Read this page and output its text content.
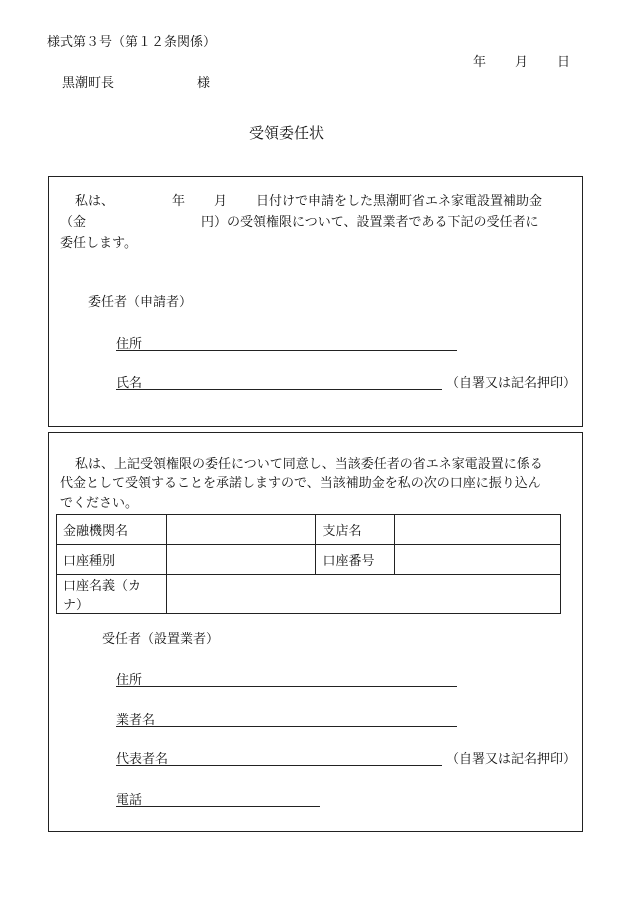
様式第３号（第１２条関係）
年 月 日
黒潮町長	様
受領委任状
私は、	年 月 日付けで申請をした黒潮町省エネ家電設置補助金
（金	円）の受領権限について、設置業者である下記の受任者に
委任します。
委任者（申請者）
住所
氏名	（自署又は記名押印）
私は、上記受領権限の委任について同意し、当該委任者の省エネ家電設置に係る
代金として受領することを承諾しますので、当該補助金を私の次の口座に振り込ん
でください。
金融機関名		支店名	
口座種別		口座番号	
口座名義（カナ）			
受任者（設置業者）
住所
業者名
代表者名	（自署又は記名押印）
電話
